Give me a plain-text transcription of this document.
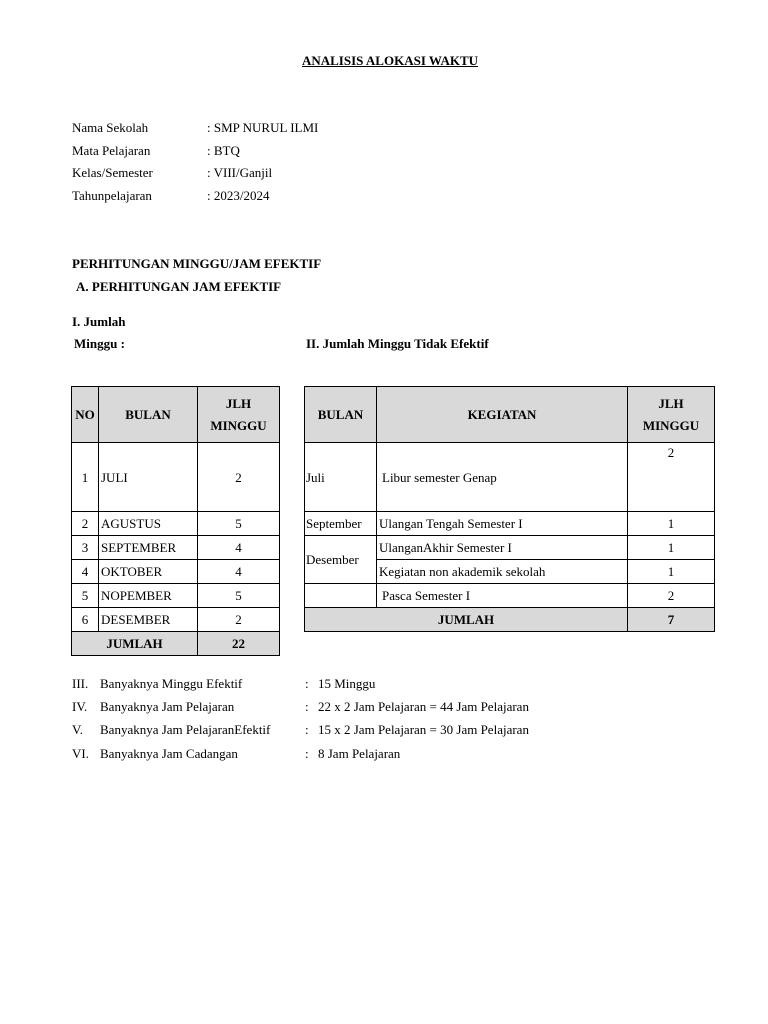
ANALISIS ALOKASI WAKTU
Nama Sekolah	: SMP NURUL ILMI
Mata Pelajaran	: BTQ
Kelas/Semester	: VIII/Ganjil
Tahunpelajaran	: 2023/2024
PERHITUNGAN MINGGU/JAM EFEKTIF
A. PERHITUNGAN JAM EFEKTIF
I. Jumlah
Minggu :	II. Jumlah Minggu Tidak Efektif
NO	BULAN	JLH
MINGGU

1	JULI	2
2	AGUSTUS	5
3	SEPTEMBER	4
4	OKTOBER	4
5	NOPEMBER	5
6	DESEMBER	2
JUMLAH		22
BULAN	KEGIATAN	JLH
MINGGU

Juli	Libur semester Genap	2
September	Ulangan Tengah Semester I	1
Desember	UlanganAkhir Semester I	1
	Kegiatan non akademik sekolah	1
	Pasca Semester I	2
JUMLAH		7
III. Banyaknya Minggu Efektif	: 15 Minggu
IV. Banyaknya Jam Pelajaran	: 22 x 2 Jam Pelajaran = 44 Jam Pelajaran
V. Banyaknya Jam PelajaranEfektif	: 15 x 2 Jam Pelajaran = 30 Jam Pelajaran
VI. Banyaknya Jam Cadangan	: 8 Jam Pelajaran
